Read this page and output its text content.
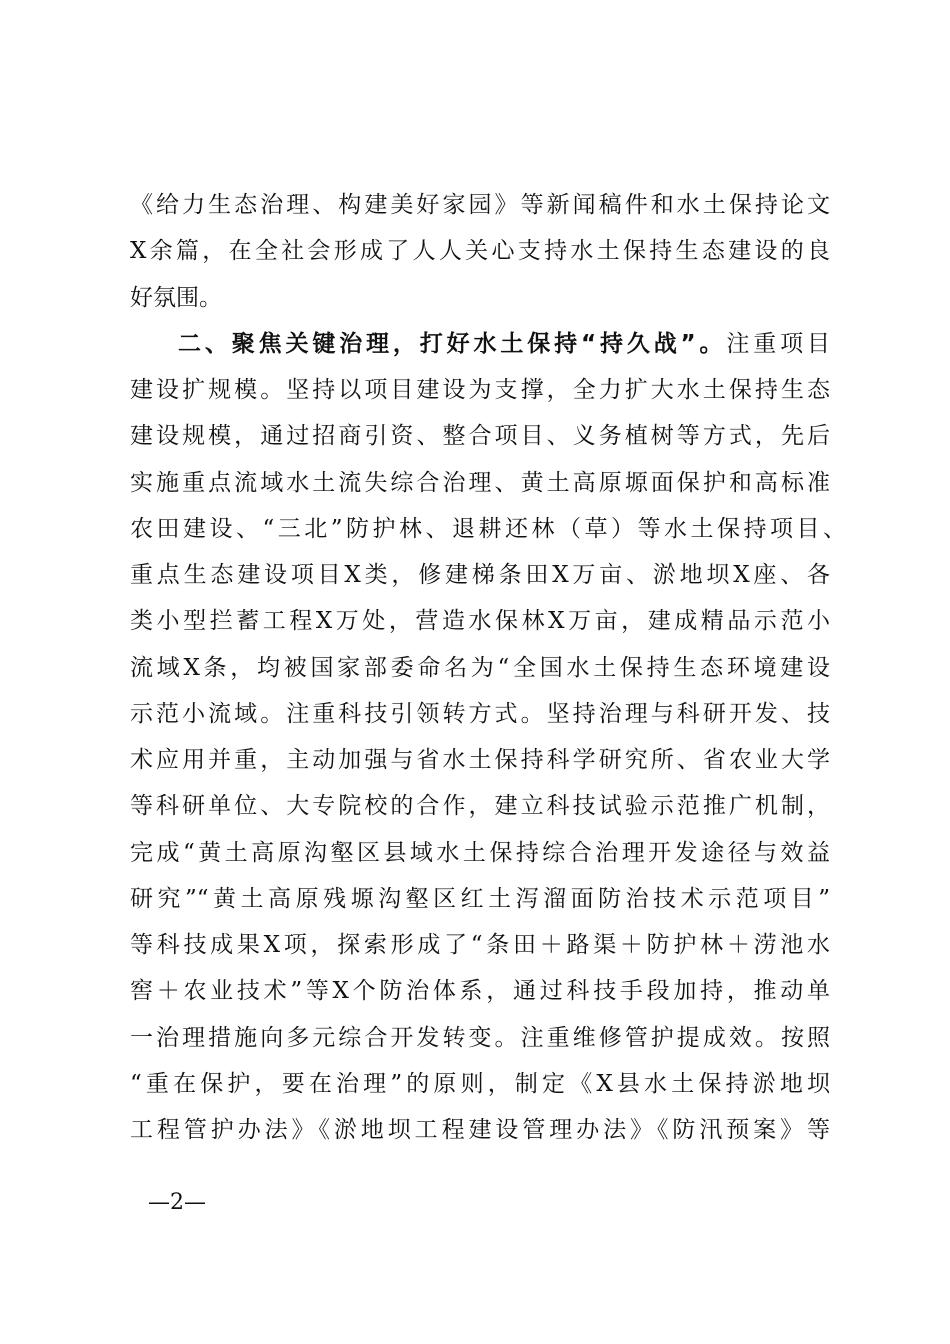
《给力生态治理、构建美好家园》等新闻稿件和水土保持论文
X余篇，在全社会形成了人人关心支持水土保持生态建设的良
好氛围。
二、聚焦关键治理，打好水土保持“持久战”。注重项目
建设扩规模。坚持以项目建设为支撑，全力扩大水土保持生态
建设规模，通过招商引资、整合项目、义务植树等方式，先后
实施重点流域水土流失综合治理、黄土高原塬面保护和高标准
农田建设、“三北”防护林、退耕还林（草）等水土保持项目、
重点生态建设项目X类，修建梯条田X万亩、淤地坝X座、各
类小型拦蓄工程X万处，营造水保林X万亩，建成精品示范小
流域X条，均被国家部委命名为“全国水土保持生态环境建设
示范小流域。注重科技引领转方式。坚持治理与科研开发、技
术应用并重，主动加强与省水土保持科学研究所、省农业大学
等科研单位、大专院校的合作，建立科技试验示范推广机制，
完成“黄土高原沟壑区县域水土保持综合治理开发途径与效益
研究”“黄土高原残塬沟壑区红土泻溜面防治技术示范项目”
等科技成果X项，探索形成了“条田＋路渠＋防护林＋涝池水
窖＋农业技术”等X个防治体系，通过科技手段加持，推动单
一治理措施向多元综合开发转变。注重维修管护提成效。按照
“重在保护，要在治理”的原则，制定《X县水土保持淤地坝
工程管护办法》《淤地坝工程建设管理办法》《防汛预案》等
—2—
